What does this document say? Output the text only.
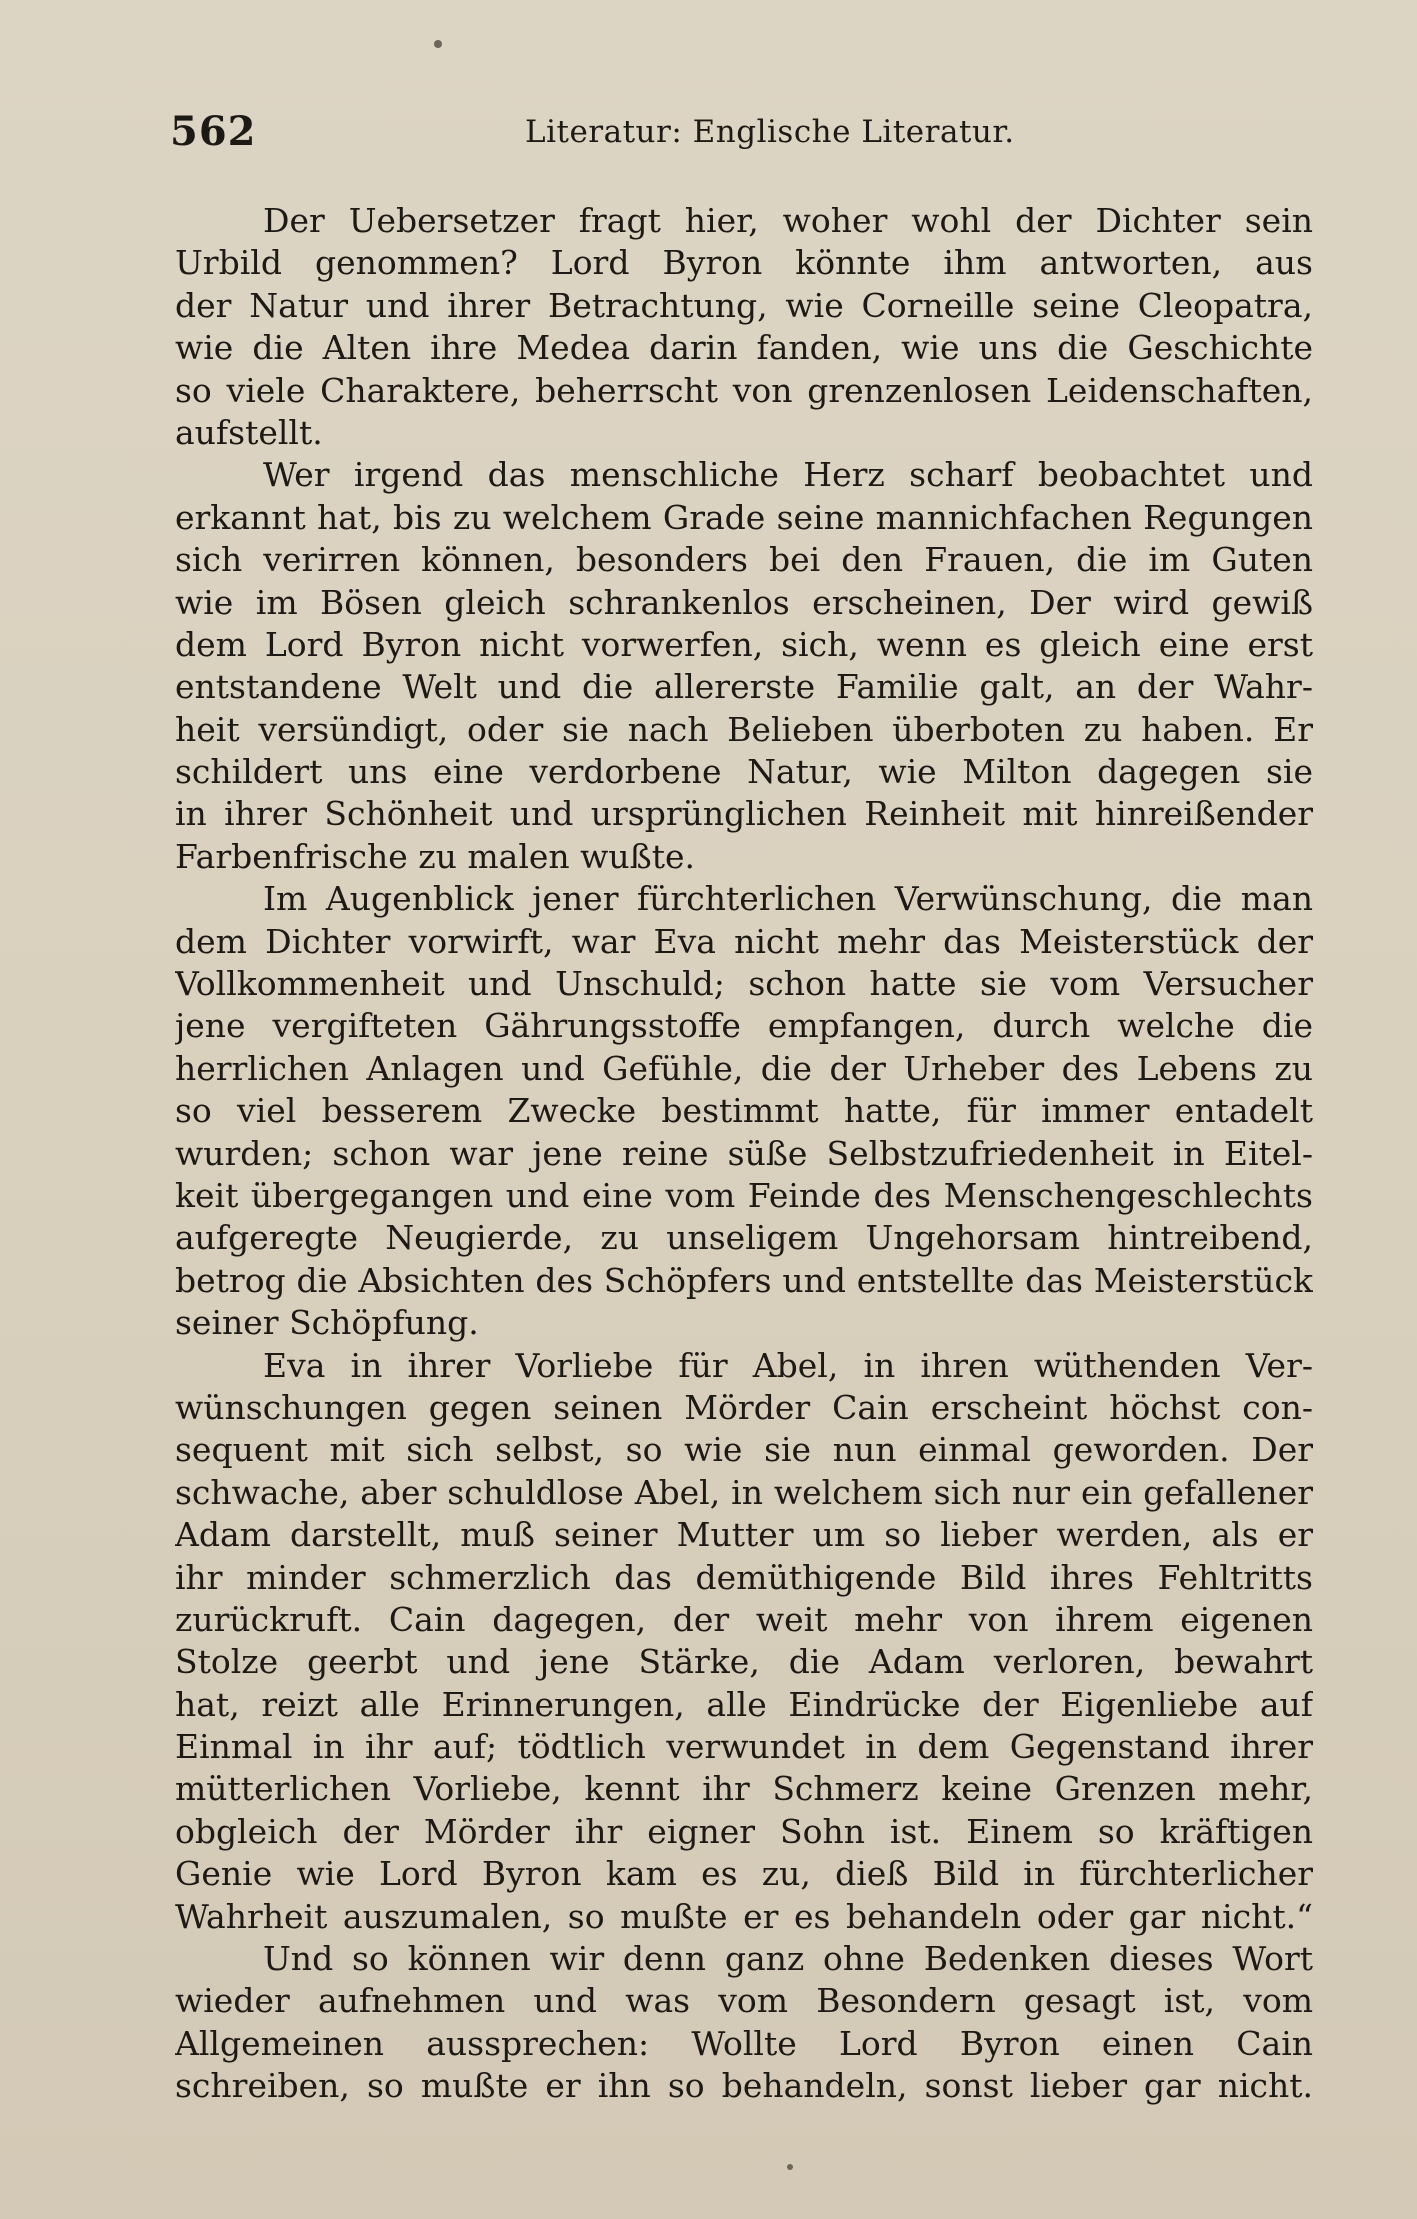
562	Literatur: Englische Literatur.
Der Uebersetzer fragt hier, woher wohl der Dichter sein
Urbild genommen? Lord Byron könnte ihm antworten, aus
der Natur und ihrer Betrachtung, wie Corneille seine Cleopatra,
wie die Alten ihre Medea darin fanden, wie uns die Geschichte
so viele Charaktere, beherrscht von grenzenlosen Leidenschaften,
aufstellt.
Wer irgend das menschliche Herz scharf beobachtet und
erkannt hat, bis zu welchem Grade seine mannichfachen Regungen
sich verirren können, besonders bei den Frauen, die im Guten
wie im Bösen gleich schrankenlos erscheinen, Der wird gewiß
dem Lord Byron nicht vorwerfen, sich, wenn es gleich eine erst
entstandene Welt und die allererste Familie galt, an der Wahr-
heit versündigt, oder sie nach Belieben überboten zu haben. Er
schildert uns eine verdorbene Natur, wie Milton dagegen sie
in ihrer Schönheit und ursprünglichen Reinheit mit hinreißender
Farbenfrische zu malen wußte.
Im Augenblick jener fürchterlichen Verwünschung, die man
dem Dichter vorwirft, war Eva nicht mehr das Meisterstück der
Vollkommenheit und Unschuld; schon hatte sie vom Versucher
jene vergifteten Gährungsstoffe empfangen, durch welche die
herrlichen Anlagen und Gefühle, die der Urheber des Lebens zu
so viel besserem Zwecke bestimmt hatte, für immer entadelt
wurden; schon war jene reine süße Selbstzufriedenheit in Eitel-
keit übergegangen und eine vom Feinde des Menschengeschlechts
aufgeregte Neugierde, zu unseligem Ungehorsam hintreibend,
betrog die Absichten des Schöpfers und entstellte das Meisterstück
seiner Schöpfung.
Eva in ihrer Vorliebe für Abel, in ihren wüthenden Ver-
wünschungen gegen seinen Mörder Cain erscheint höchst con-
sequent mit sich selbst, so wie sie nun einmal geworden. Der
schwache, aber schuldlose Abel, in welchem sich nur ein gefallener
Adam darstellt, muß seiner Mutter um so lieber werden, als er
ihr minder schmerzlich das demüthigende Bild ihres Fehltritts
zurückruft. Cain dagegen, der weit mehr von ihrem eigenen
Stolze geerbt und jene Stärke, die Adam verloren, bewahrt
hat, reizt alle Erinnerungen, alle Eindrücke der Eigenliebe auf
Einmal in ihr auf; tödtlich verwundet in dem Gegenstand ihrer
mütterlichen Vorliebe, kennt ihr Schmerz keine Grenzen mehr,
obgleich der Mörder ihr eigner Sohn ist. Einem so kräftigen
Genie wie Lord Byron kam es zu, dieß Bild in fürchterlicher
Wahrheit auszumalen, so mußte er es behandeln oder gar nicht.“
Und so können wir denn ganz ohne Bedenken dieses Wort
wieder aufnehmen und was vom Besondern gesagt ist, vom
Allgemeinen aussprechen: Wollte Lord Byron einen Cain
schreiben, so mußte er ihn so behandeln, sonst lieber gar nicht.
